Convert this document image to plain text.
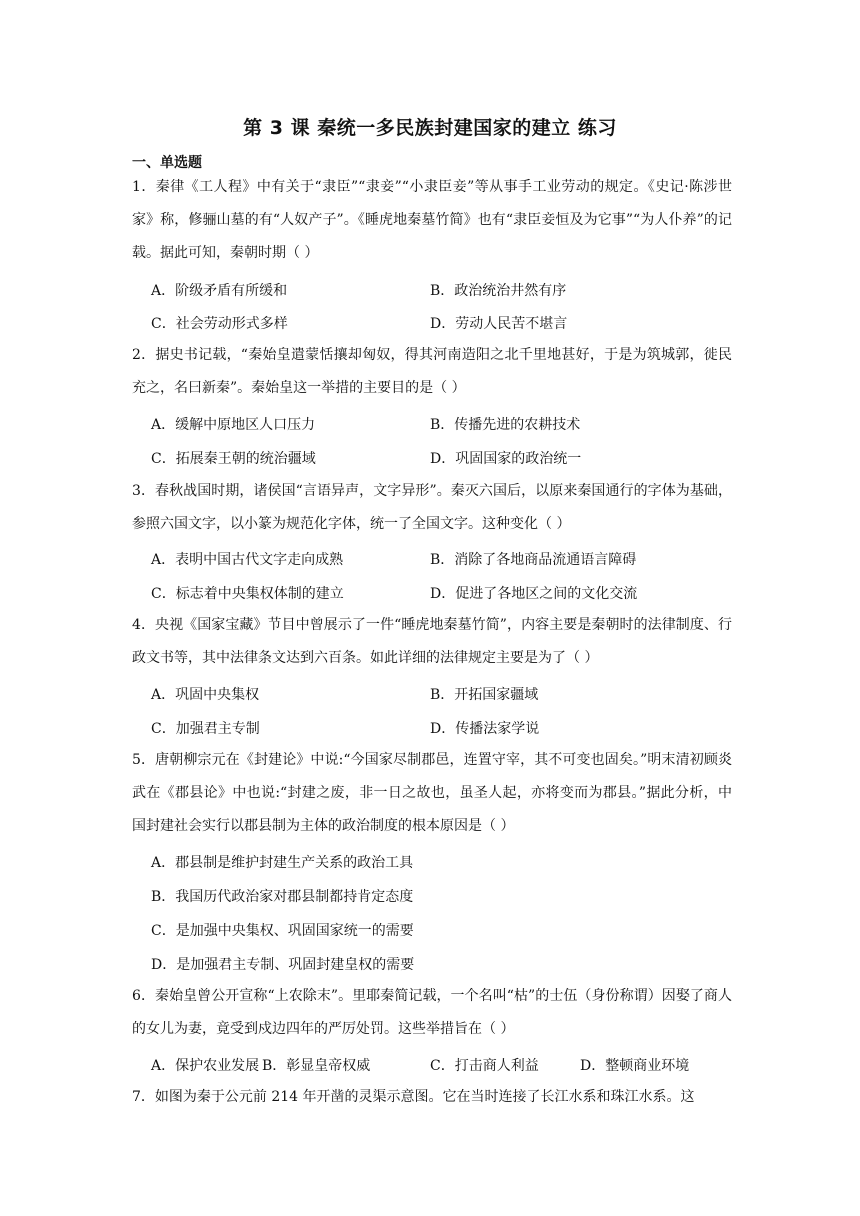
第 3 课 秦统一多民族封建国家的建立 练习
一、单选题
1．秦律《工人程》中有关于“隶臣”“隶妾”“小隶臣妾”等从事手工业劳动的规定。《史记·陈涉世家》称，修骊山墓的有“人奴产子”。《睡虎地秦墓竹简》也有“隶臣妾恒及为它事”“为人仆养”的记载。据此可知，秦朝时期（ ）
A．阶级矛盾有所缓和	B．政治统治井然有序
C．社会劳动形式多样	D．劳动人民苦不堪言
2．据史书记载，“秦始皇遣蒙恬攘却匈奴，得其河南造阳之北千里地甚好，于是为筑城郭，徙民充之，名曰新秦”。秦始皇这一举措的主要目的是（ ）
A．缓解中原地区人口压力	B．传播先进的农耕技术
C．拓展秦王朝的统治疆域	D．巩固国家的政治统一
3．春秋战国时期，诸侯国“言语异声，文字异形”。秦灭六国后，以原来秦国通行的字体为基础，参照六国文字，以小篆为规范化字体，统一了全国文字。这种变化（ ）
A．表明中国古代文字走向成熟	B．消除了各地商品流通语言障碍
C．标志着中央集权体制的建立	D．促进了各地区之间的文化交流
4．央视《国家宝藏》节目中曾展示了一件“睡虎地秦墓竹简”，内容主要是秦朝时的法律制度、行政文书等，其中法律条文达到六百条。如此详细的法律规定主要是为了（ ）
A．巩固中央集权	B．开拓国家疆域
C．加强君主专制	D．传播法家学说
5．唐朝柳宗元在《封建论》中说:“今国家尽制郡邑，连置守宰，其不可变也固矣。”明末清初顾炎武在《郡县论》中也说:“封建之废，非一日之故也，虽圣人起，亦将变而为郡县。”据此分析，中国封建社会实行以郡县制为主体的政治制度的根本原因是（ ）
A．郡县制是维护封建生产关系的政治工具
B．我国历代政治家对郡县制都持肯定态度
C．是加强中央集权、巩固国家统一的需要
D．是加强君主专制、巩固封建皇权的需要
6．秦始皇曾公开宣称“上农除末”。里耶秦简记载，一个名叫“枯”的士伍（身份称谓）因娶了商人的女儿为妻，竟受到戍边四年的严厉处罚。这些举措旨在（ ）
A．保护农业发展 B．彰显皇帝权威	C．打击商人利益	D．整顿商业环境
7．如图为秦于公元前 214 年开凿的灵渠示意图。它在当时连接了长江水系和珠江水系。这
